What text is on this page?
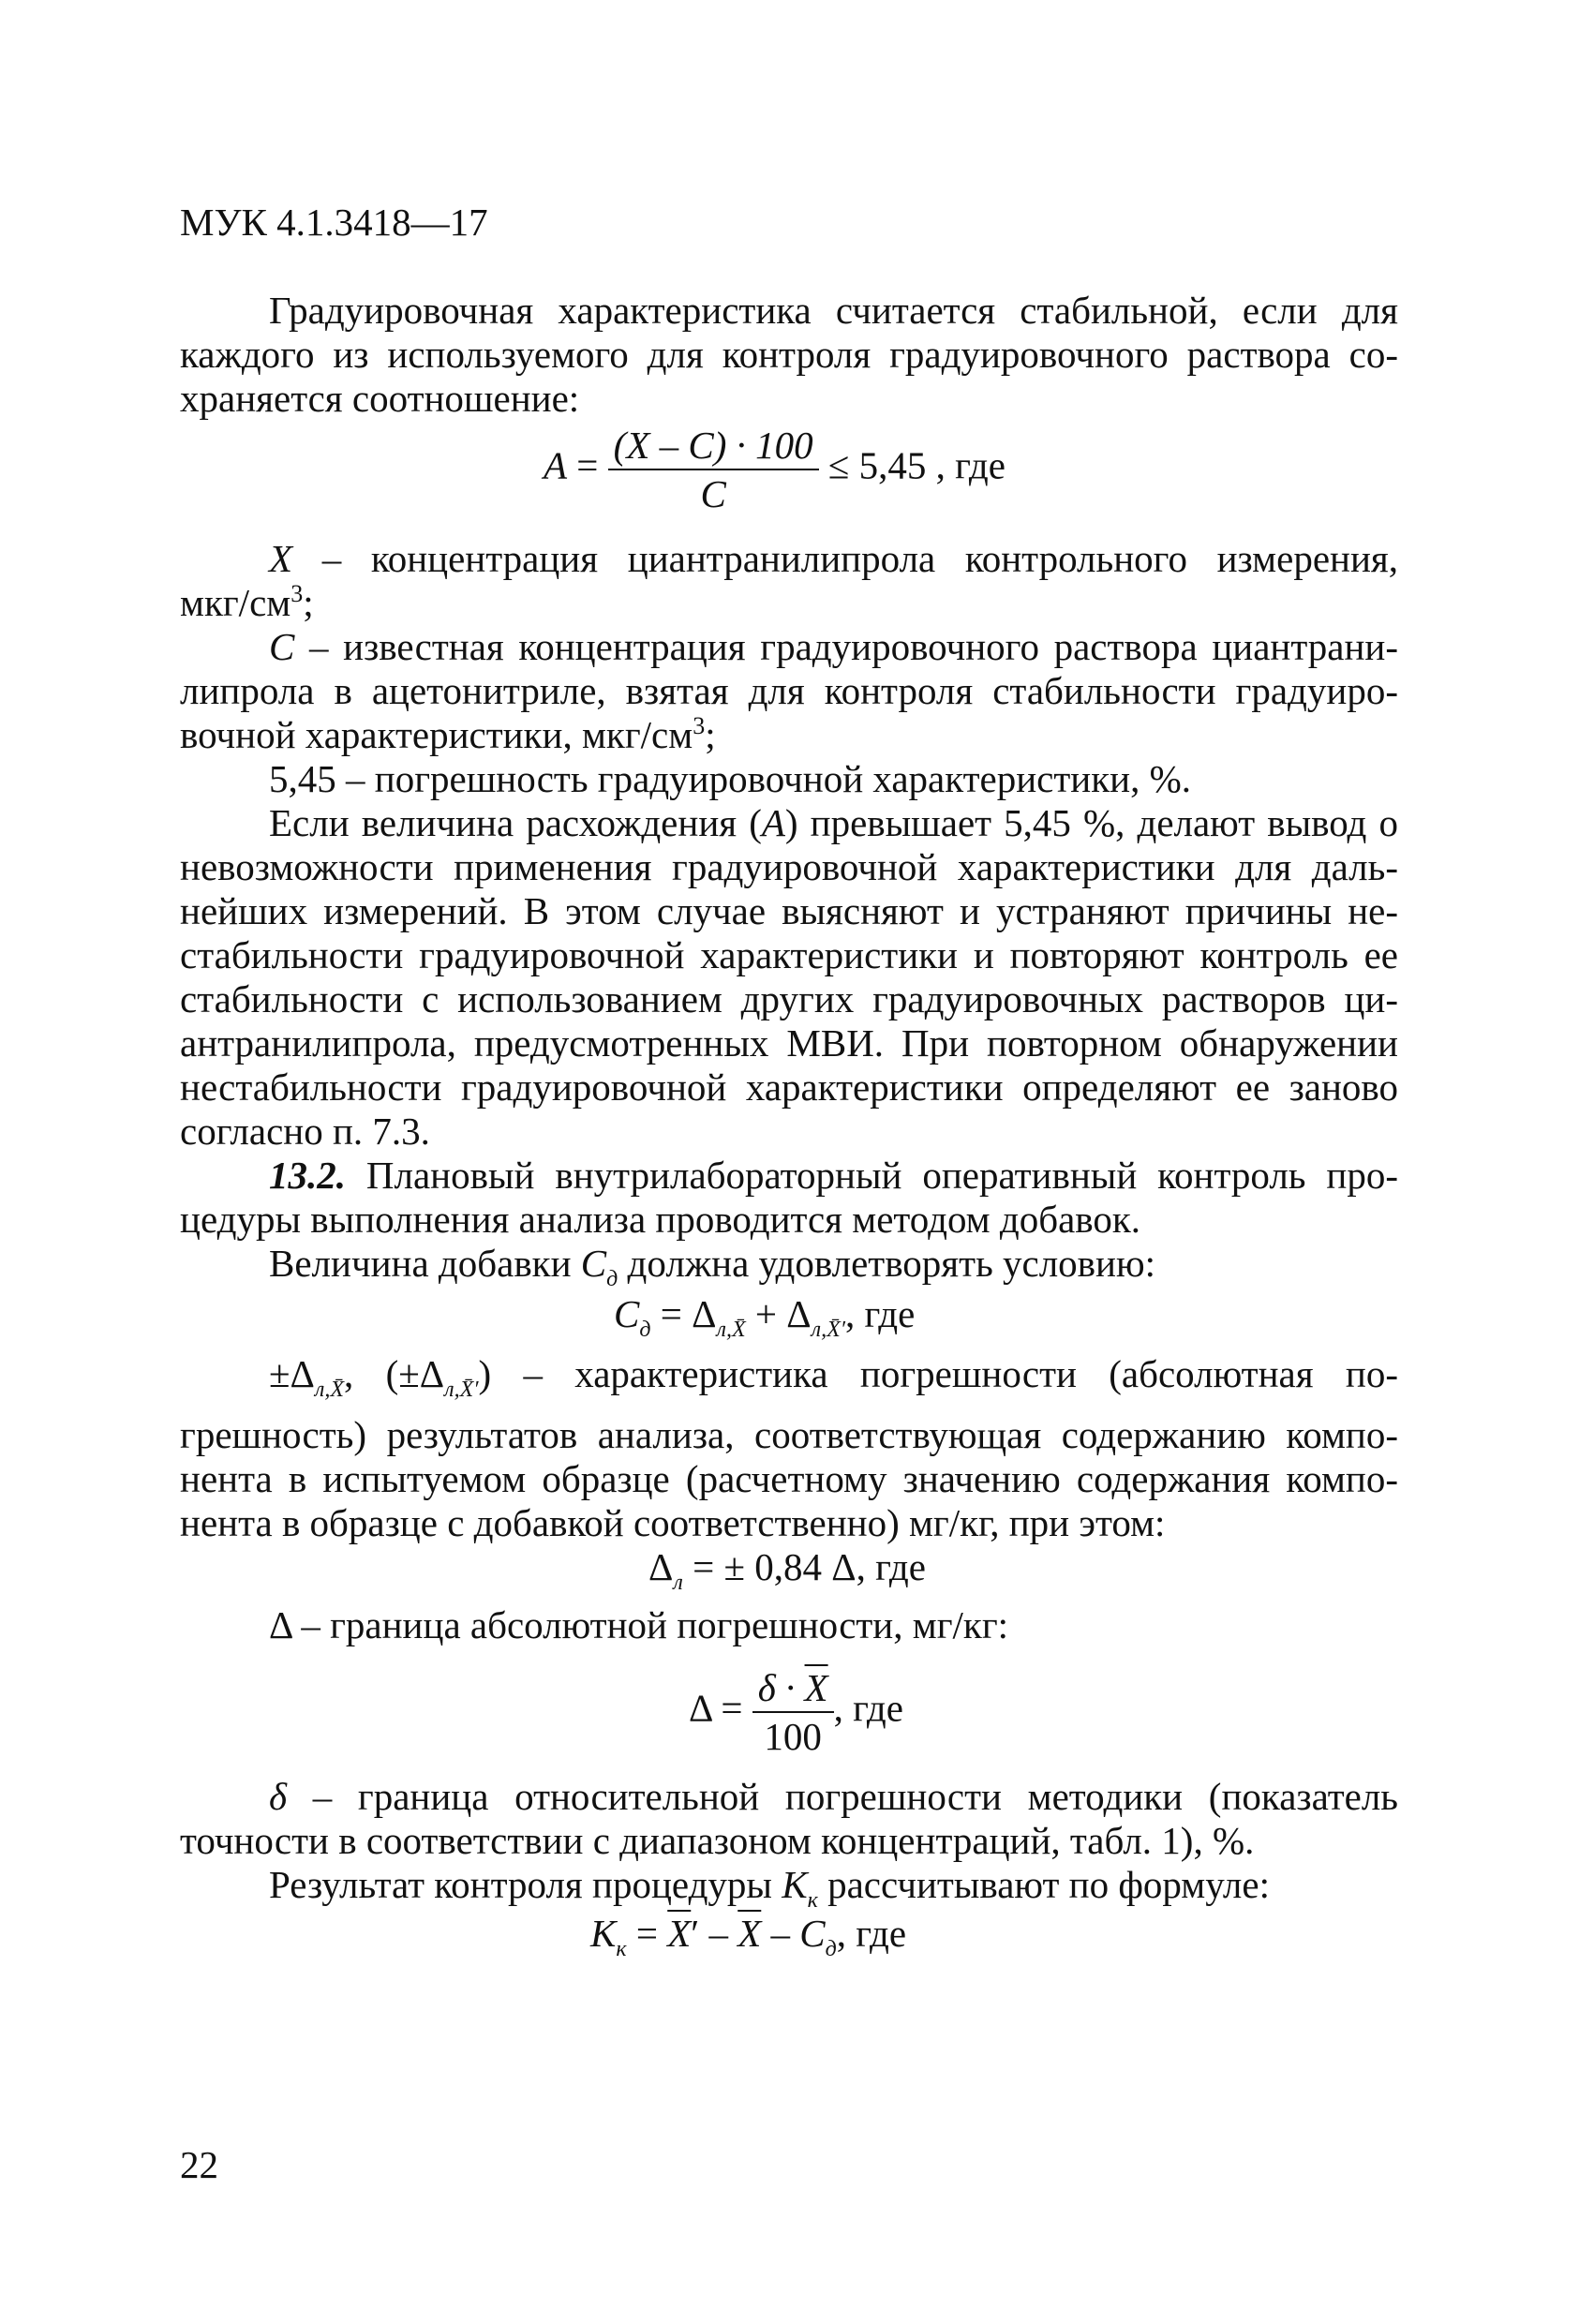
МУК 4.1.3418—17
Градуировочная характеристика считается стабильной, если для
каждого из используемого для контроля градуировочного раствора со-
храняется соотношение:
$A = \frac{(X - C) \cdot 100}{C} \le 5,45$ , где
X – концентрация циантранилипрола контрольного измерения,
мкг/$см^3$;
C – известная концентрация градуировочного раствора циантрани-
липрола в ацетонитриле, взятая для контроля стабильности градуиро-
вочной характеристики, мкг/$см^3$;
5,45 – погрешность градуировочной характеристики, %.
Если величина расхождения (A) превышает 5,45 %, делают вывод о
невозможности применения градуировочной характеристики для даль-
нейших измерений. В этом случае выясняют и устраняют причины не-
стабильности градуировочной характеристики и повторяют контроль ее
стабильности с использованием других градуировочных растворов ци-
антранилипрола, предусмотренных МВИ. При повторном обнаружении
нестабильности градуировочной характеристики определяют ее заново
согласно п. 7.3.
13.2. Плановый внутрилабораторный оперативный контроль про-
цедуры выполнения анализа проводится методом добавок.
Величина добавки $C_д$ должна удовлетворять условию:
$C_д = \Delta_{л,X̄} + \Delta_{л,X̄'}$, где
$\pm\Delta_{л,X̄}$, $(\pm\Delta_{л,X̄'})$ – характеристика погрешности (абсолютная по-
грешность) результатов анализа, соответствующая содержанию компо-
нента в испытуемом образце (расчетному значению содержания компо-
нента в образце с добавкой соответственно) мг/кг, при этом:
$\Delta_л$ = ± 0,84 Δ, где
Δ – граница абсолютной погрешности, мг/кг:
$\Delta = \frac{\delta \cdot \overline{X}}{100}$ , где
δ – граница относительной погрешности методики (показатель
точности в соответствии с диапазоном концентраций, табл. 1), %.
Результат контроля процедуры $K_к$ рассчитывают по формуле:
$K_к = \overline{X}' - \overline{X} - C_д$, где
22
